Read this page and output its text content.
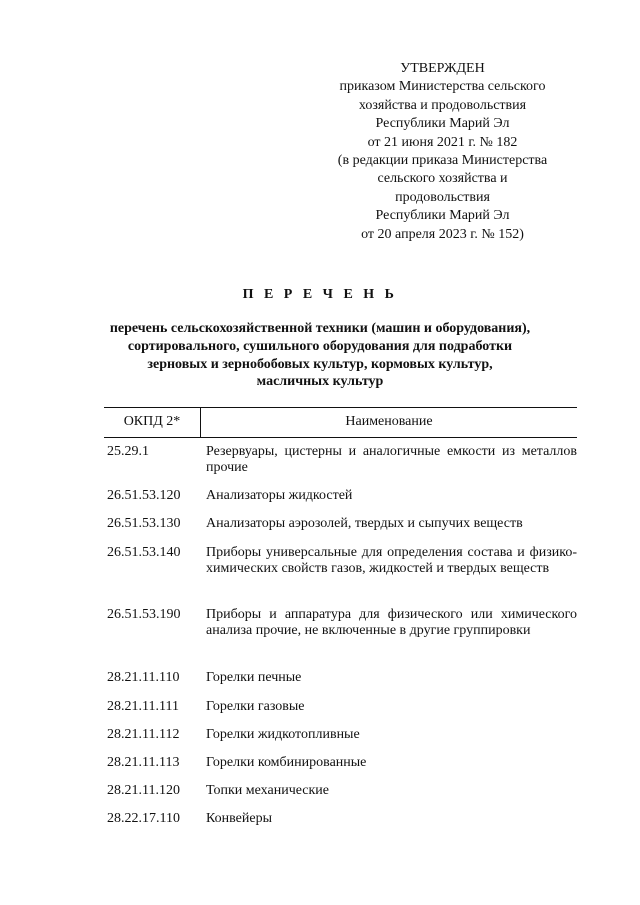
УТВЕРЖДЕН
приказом Министерства сельского
хозяйства и продовольствия
Республики Марий Эл
от 21 июня 2021 г. № 182
(в редакции приказа Министерства
сельского хозяйства и
продовольствия
Республики Марий Эл
от 20 апреля 2023 г. № 152)
П Е Р Е Ч Е Н Ь
перечень сельскохозяйственной техники (машин и оборудования),
сортировального, сушильного оборудования для подработки
зерновых и зернобобовых культур, кормовых культур,
масличных культур
ОКПД 2*	Наименование
25.29.1	Резервуары, цистерны и аналогичные емкости из металлов прочие
26.51.53.120	Анализаторы жидкостей
26.51.53.130	Анализаторы аэрозолей, твердых и сыпучих веществ
26.51.53.140	Приборы универсальные для определения состава и физико-химических свойств газов, жидкостей и твердых веществ
26.51.53.190	Приборы и аппаратура для физического или химического анализа прочие, не включенные в другие группировки
28.21.11.110	Горелки печные
28.21.11.111	Горелки газовые
28.21.11.112	Горелки жидкотопливные
28.21.11.113	Горелки комбинированные
28.21.11.120	Топки механические
28.22.17.110	Конвейеры
